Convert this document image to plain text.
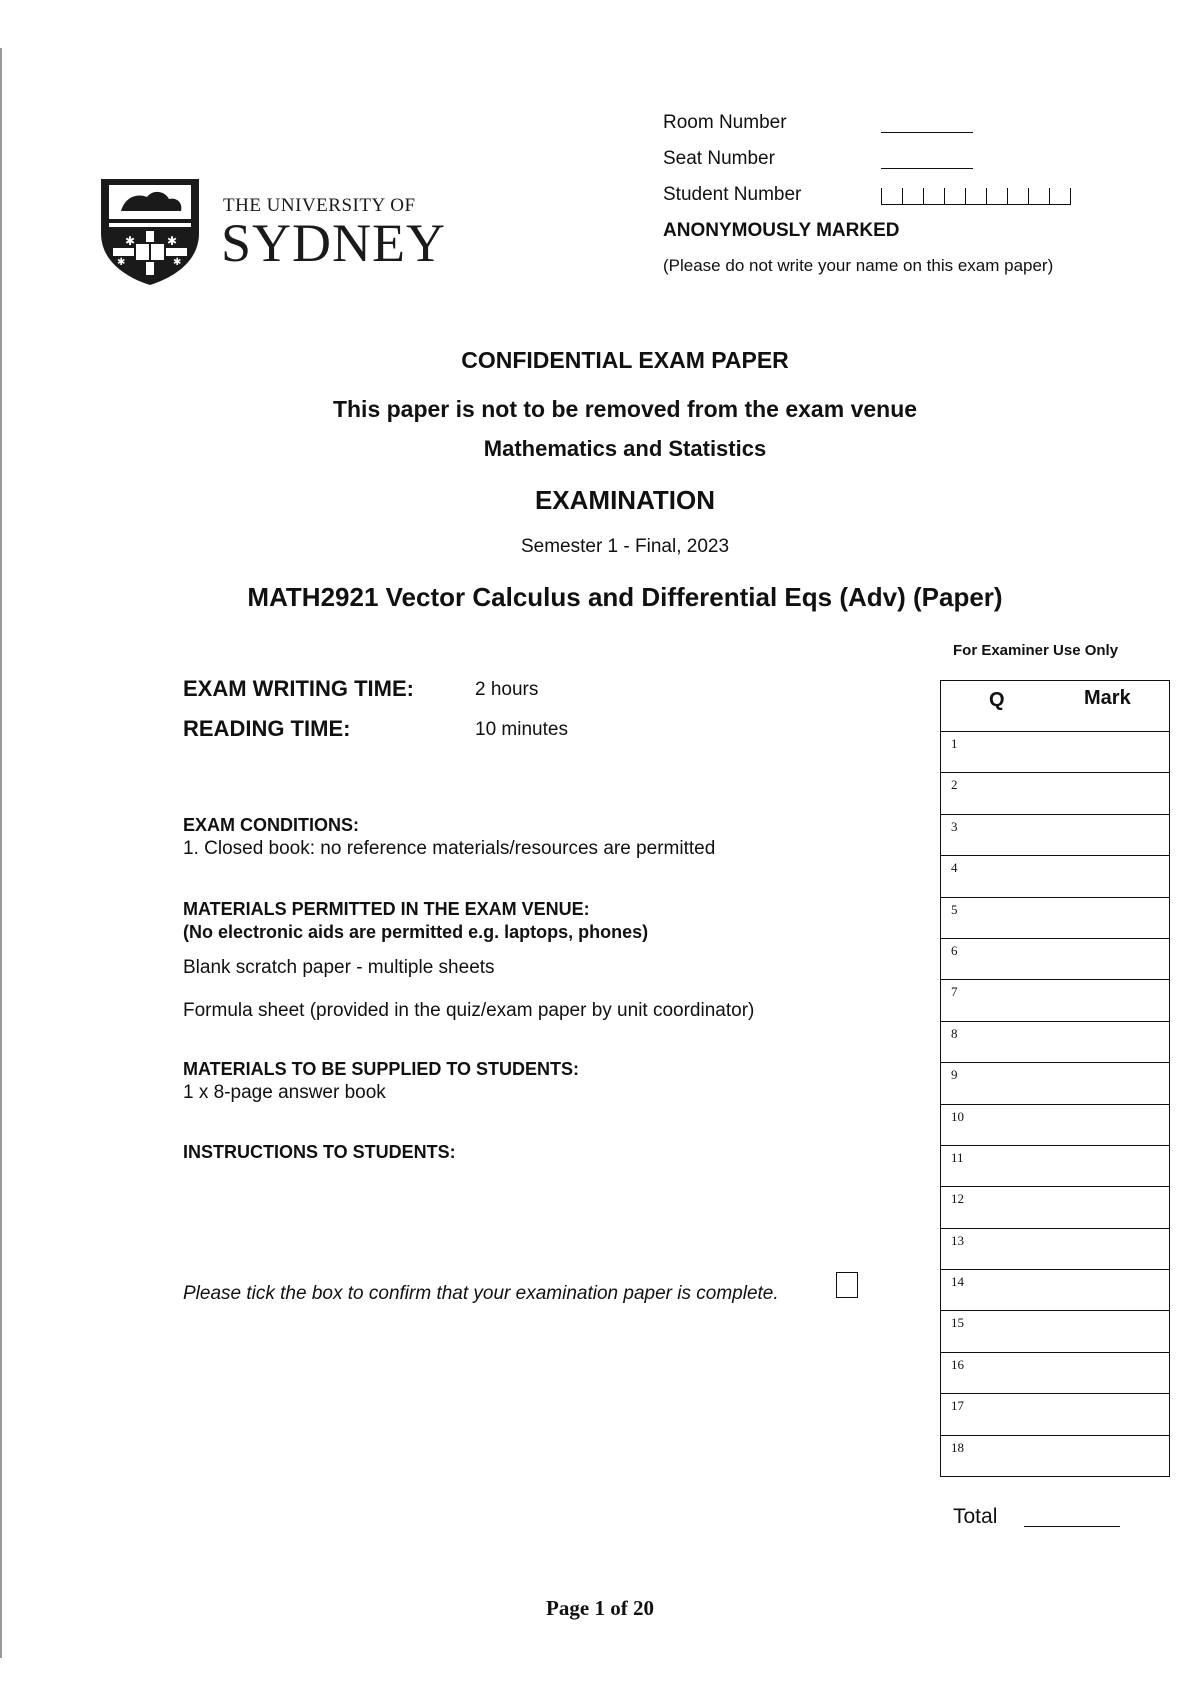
✱	✱
✱	✱
THE UNIVERSITY OF
SYDNEY
Room Number
Seat Number
Student Number
ANONYMOUSLY MARKED
(Please do not write your name on this exam paper)
CONFIDENTIAL EXAM PAPER
This paper is not to be removed from the exam venue
Mathematics and Statistics
EXAMINATION
Semester 1 - Final, 2023
MATH2921 Vector Calculus and Differential Eqs (Adv) (Paper)
EXAM WRITING TIME:	2 hours
READING TIME:	10 minutes
EXAM CONDITIONS:
1. Closed book: no reference materials/resources are permitted
MATERIALS PERMITTED IN THE EXAM VENUE:
(No electronic aids are permitted e.g. laptops, phones)
Blank scratch paper - multiple sheets
Formula sheet (provided in the quiz/exam paper by unit coordinator)
MATERIALS TO BE SUPPLIED TO STUDENTS:
1 x 8-page answer book
INSTRUCTIONS TO STUDENTS:
Please tick the box to confirm that your examination paper is complete.
For Examiner Use Only
Q	Mark
1
2
3
4
5
6
7
8
9
10
11
12
13
14
15
16
17
18
Total
Page 1 of 20
